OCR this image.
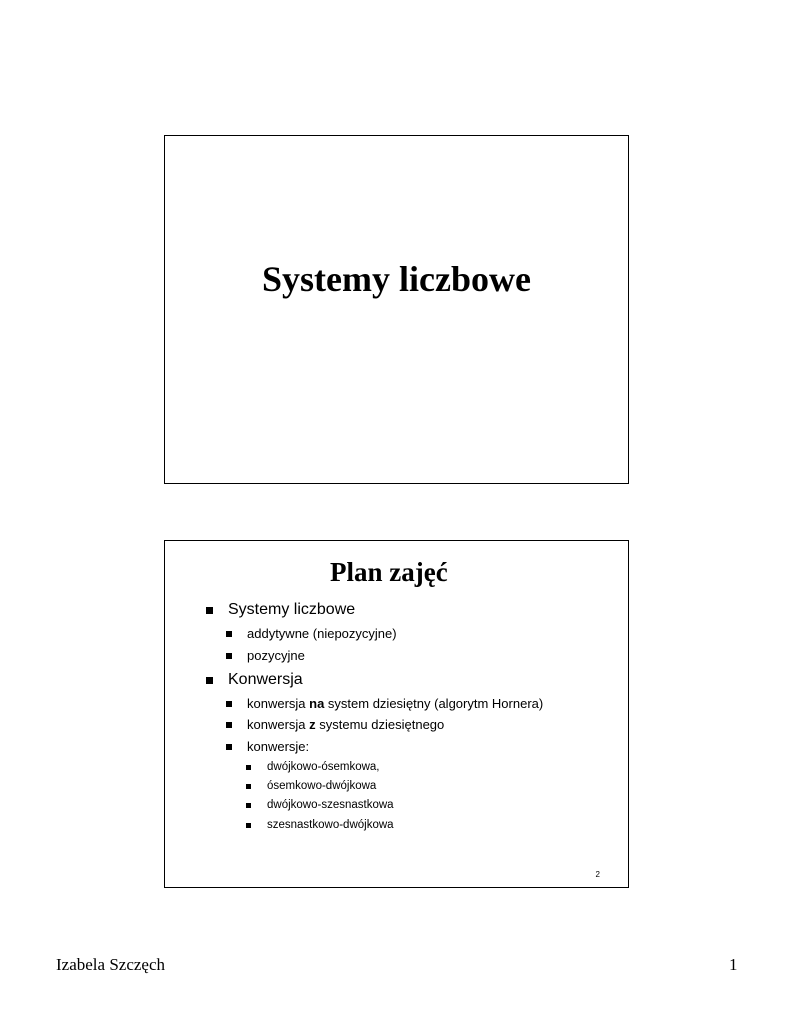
Systemy liczbowe
Plan zajęć
Systemy liczbowe
addytywne (niepozycyjne)
pozycyjne
Konwersja
konwersja na system dziesiętny (algorytm Hornera)
konwersja z systemu dziesiętnego
konwersje:
dwójkowo-ósemkowa,
ósemkowo-dwójkowa
dwójkowo-szesnastkowa
szesnastkowo-dwójkowa
2
Izabela Szczęch	1
